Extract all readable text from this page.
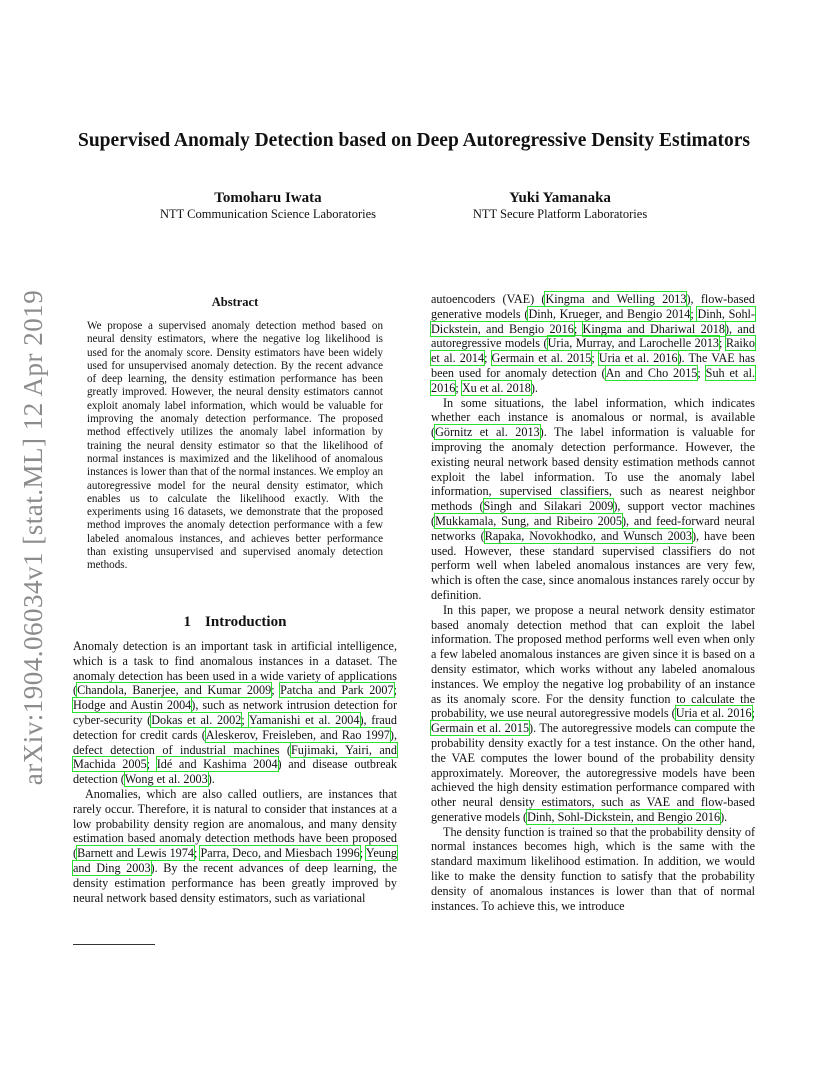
arXiv:1904.06034v1 [stat.ML] 12 Apr 2019
Supervised Anomaly Detection based on Deep Autoregressive Density Estimators
Tomoharu Iwata
NTT Communication Science Laboratories
Yuki Yamanaka
NTT Secure Platform Laboratories
Abstract
We propose a supervised anomaly detection method based on neural density estimators, where the negative log likelihood is used for the anomaly score. Density estimators have been widely used for unsupervised anomaly detection. By the recent advance of deep learning, the density estimation performance has been greatly improved. However, the neural density estimators cannot exploit anomaly label information, which would be valuable for improving the anomaly detection performance. The proposed method effectively utilizes the anomaly label information by training the neural density estimator so that the likelihood of normal instances is maximized and the likelihood of anomalous instances is lower than that of the normal instances. We employ an autoregressive model for the neural density estimator, which enables us to calculate the likelihood exactly. With the experiments using 16 datasets, we demonstrate that the proposed method improves the anomaly detection performance with a few labeled anomalous instances, and achieves better performance than existing unsupervised and supervised anomaly detection methods.
1 Introduction

Anomaly detection is an important task in artificial intelligence, which is a task to find anomalous instances in a dataset. The anomaly detection has been used in a wide variety of applications (Chandola, Banerjee, and Kumar 2009; Patcha and Park 2007; Hodge and Austin 2004), such as network intrusion detection for cyber-security (Dokas et al. 2002; Yamanishi et al. 2004), fraud detection for credit cards (Aleskerov, Freisleben, and Rao 1997), defect detection of industrial machines (Fujimaki, Yairi, and Machida 2005; Idé and Kashima 2004) and disease outbreak detection (Wong et al. 2003).

Anomalies, which are also called outliers, are instances that rarely occur. Therefore, it is natural to consider that instances at a low probability density region are anomalous, and many density estimation based anomaly detection methods have been proposed (Barnett and Lewis 1974; Parra, Deco, and Miesbach 1996; Yeung and Ding 2003). By the recent advances of deep learning, the density estimation performance has been greatly improved by neural network based density estimators, such as variational

autoencoders (VAE) (Kingma and Welling 2013), flow-based generative models (Dinh, Krueger, and Bengio 2014; Dinh, Sohl-Dickstein, and Bengio 2016; Kingma and Dhariwal 2018), and autoregressive models (Uria, Murray, and Larochelle 2013; Raiko et al. 2014; Germain et al. 2015; Uria et al. 2016). The VAE has been used for anomaly detection (An and Cho 2015; Suh et al. 2016; Xu et al. 2018).

In some situations, the label information, which indicates whether each instance is anomalous or normal, is available (Görnitz et al. 2013). The label information is valuable for improving the anomaly detection performance. However, the existing neural network based density estimation methods cannot exploit the label information. To use the anomaly label information, supervised classifiers, such as nearest neighbor methods (Singh and Silakari 2009), support vector machines (Mukkamala, Sung, and Ribeiro 2005), and feed-forward neural networks (Rapaka, Novokhodko, and Wunsch 2003), have been used. However, these standard supervised classifiers do not perform well when labeled anomalous instances are very few, which is often the case, since anomalous instances rarely occur by definition.

In this paper, we propose a neural network density estimator based anomaly detection method that can exploit the label information. The proposed method performs well even when only a few labeled anomalous instances are given since it is based on a density estimator, which works without any labeled anomalous instances. We employ the negative log probability of an instance as its anomaly score. For the density function to calculate the probability, we use neural autoregressive models (Uria et al. 2016; Germain et al. 2015). The autoregressive models can compute the probability density exactly for a test instance. On the other hand, the VAE computes the lower bound of the probability density approximately. Moreover, the autoregressive models have been achieved the high density estimation performance compared with other neural density estimators, such as VAE and flow-based generative models (Dinh, Sohl-Dickstein, and Bengio 2016).

The density function is trained so that the probability density of normal instances becomes high, which is the same with the standard maximum likelihood estimation. In addition, we would like to make the density function to satisfy that the probability density of anomalous instances is lower than that of normal instances. To achieve this, we introduce
